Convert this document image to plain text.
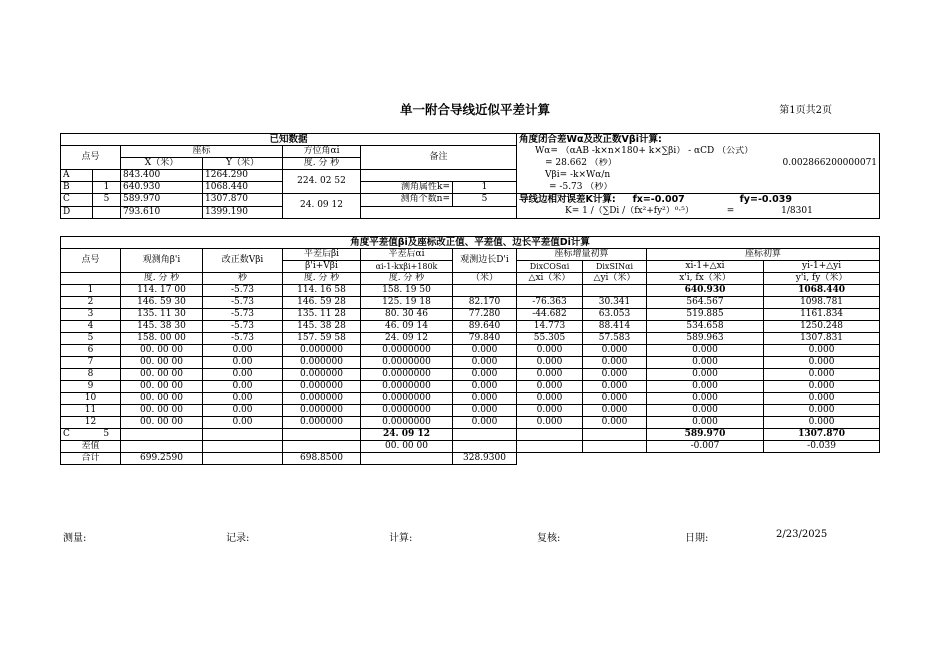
单一附合导线近似平差计算	第1页共2页
已知数据							角度闭合差Wα及改正数Vβi计算:
点号		座标		方位角αi	备注		Wα= （αAB -k×n×180+ k×∑βi） - αCD （公式）
		X（米）	Y（米）	度. 分 秒			= 28.662 （秒） 0.002866200000071

A		843.400	1264.290	224. 02 52			Vβi= -k×Wα/n
B	1	640.930	1068.440		测角属性k=	1	= -5.73 （秒）
C	5	589.970	1307.870	24. 09 12	测角个数n=	5	导线边相对误差K计算: fx=-0.007 fy=-0.039
D		793.610	1399.190				K= 1 /（∑Di /（fx²+fy²）⁰·⁵） = 1/8301
角度平差值βi及座标改正值、平差值、边长平差值Di计算										
点号		观测角β'i	改正数Vβi	平差后βi	平差后αi	观测边长D'i	座标增量初算		座标初算	
				β'i+Vβi	αi-1-kxβi+180k		DixCOSαi	DixSINαi	xi-1+△xi	yi-1+△yi
		度. 分 秒	秒	度. 分 秒	度. 分 秒	（米）	△xi（米）	△yi（米）	x'i, fx（米）	y'i, fy（米）
1		114. 17 00	-5.73	114. 16 58	158. 19 50				640.930	1068.440
2		146. 59 30	-5.73	146. 59 28	125. 19 18	82.170	-76.363	30.341	564.567	1098.781
3		135. 11 30	-5.73	135. 11 28	80. 30 46	77.280	-44.682	63.053	519.885	1161.834
4		145. 38 30	-5.73	145. 38 28	46. 09 14	89.640	14.773	88.414	534.658	1250.248
5		158. 00 00	-5.73	157. 59 58	24. 09 12	79.840	55.305	57.583	589.963	1307.831
6		00. 00 00	0.00	0.000000	0.0000000	0.000	0.000	0.000	0.000	0.000
7		00. 00 00	0.00	0.000000	0.0000000	0.000	0.000	0.000	0.000	0.000
8		00. 00 00	0.00	0.000000	0.0000000	0.000	0.000	0.000	0.000	0.000
9		00. 00 00	0.00	0.000000	0.0000000	0.000	0.000	0.000	0.000	0.000
10		00. 00 00	0.00	0.000000	0.0000000	0.000	0.000	0.000	0.000	0.000
11		00. 00 00	0.00	0.000000	0.0000000	0.000	0.000	0.000	0.000	0.000
12		00. 00 00	0.00	0.000000	0.0000000	0.000	0.000	0.000	0.000	0.000
C	5				24. 09 12				589.970	1307.870
差值					00. 00 00				-0.007	-0.039
合计		699.2590		698.8500		328.9300				
测量:	记录:	计算:	复核:	日期:	2/23/2025
